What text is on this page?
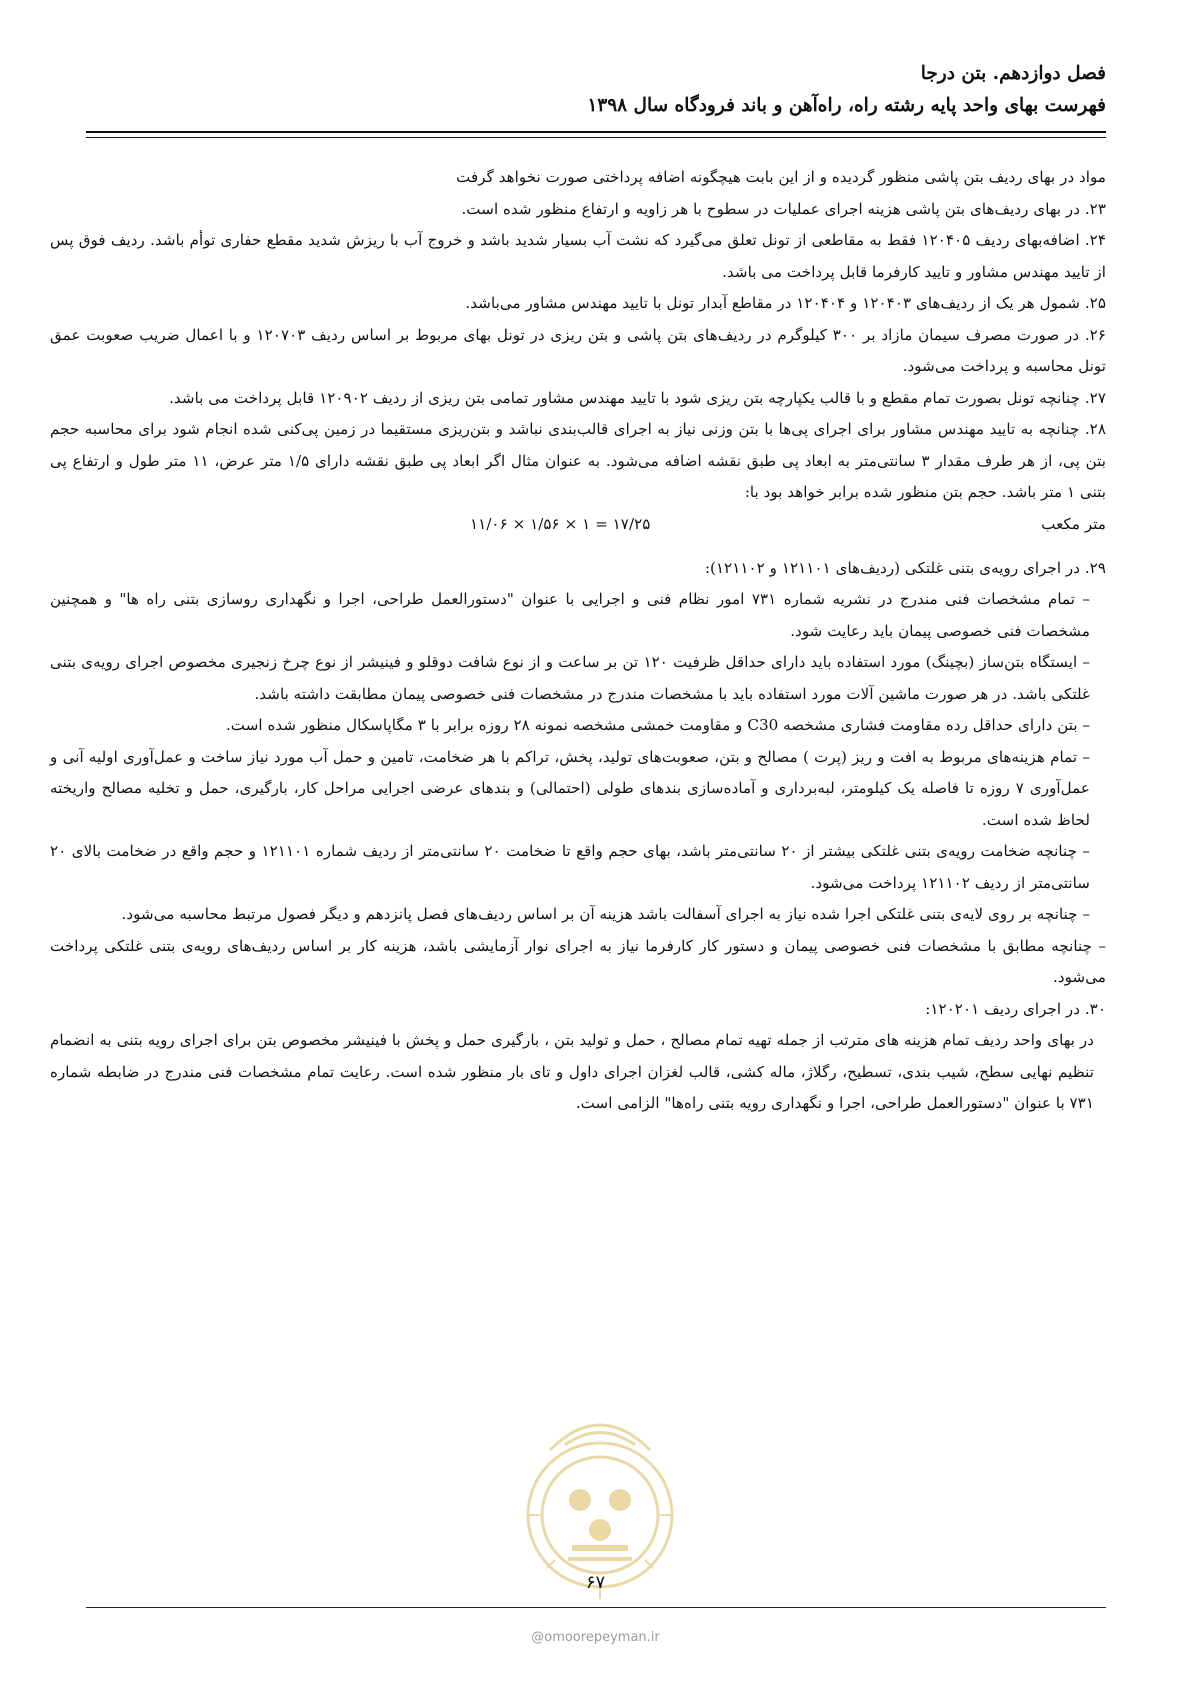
فصل دوازدهم. بتن درجا
فهرست بهای واحد پایه رشته راه، راه‌آهن و باند فرودگاه سال ۱۳۹۸

مواد در بهای ردیف بتن پاشی منظور گردیده و از این بابت هیچگونه اضافه پرداختی صورت نخواهد گرفت

۲۳. در بهای ردیف‌های بتن پاشی هزینه اجرای عملیات در سطوح با هر زاویه و ارتفاع منظور شده است.

۲۴. اضافه‌بهای ردیف ۱۲۰۴۰۵ فقط به مقاطعی از تونل تعلق می‌گیرد که نشت آب بسیار شدید باشد و خروج آب با ریزش شدید مقطع حفاری توأم باشد. ردیف فوق پس از تایید مهندس مشاور و تایید کارفرما قابل پرداخت می باشد.

۲۵. شمول هر یک از ردیف‌های ۱۲۰۴۰۳ و ۱۲۰۴۰۴ در مقاطع آبدار تونل با تایید مهندس مشاور می‌باشد.

۲۶. در صورت مصرف سیمان مازاد بر ۳۰۰ کیلوگرم در ردیف‌های بتن پاشی و بتن ریزی در تونل بهای مربوط بر اساس ردیف ۱۲۰۷۰۳ و با اعمال ضریب صعوبت عمق تونل محاسبه و پرداخت می‌شود.

۲۷. چنانچه تونل بصورت تمام مقطع و با قالب یکپارچه بتن ریزی شود با تایید مهندس مشاور تمامی بتن ریزی از ردیف ۱۲۰۹۰۲ قابل پرداخت می باشد.

۲۸. چنانچه به تایید مهندس مشاور برای اجرای پی‌ها با بتن وزنی نیاز به اجرای قالب‌بندی نباشد و بتن‌ریزی مستقیما در زمین پی‌کنی شده انجام شود برای محاسبه حجم بتن پی، از هر طرف مقدار ۳ سانتی‌متر به ابعاد پی طبق نقشه اضافه می‌شود. به عنوان مثال اگر ابعاد پی طبق نقشه دارای ۱/۵ متر عرض، ۱۱ متر طول و ارتفاع پی بتنی ۱ متر باشد. حجم بتن منظور شده برابر خواهد بود با:

متر مکعب
۱۱/۰۶ × ۱/۵۶ × ۱ = ۱۷/۲۵

۲۹. در اجرای رویه‌ی بتنی غلتکی (ردیف‌های ۱۲۱۱۰۱ و ۱۲۱۱۰۲):

– تمام مشخصات فنی مندرج در نشریه شماره ۷۳۱ امور نظام فنی و اجرایی با عنوان "دستورالعمل طراحی، اجرا و نگهداری روسازی بتنی راه ها" و همچنین مشخصات فنی خصوصی پیمان باید رعایت شود.
– ایستگاه بتن‌ساز (بچینگ) مورد استفاده باید دارای حداقل ظرفیت ۱۲۰ تن بر ساعت و از نوع شافت دوقلو و فینیشر از نوع چرخ زنجیری مخصوص اجرای رویه‌ی بتنی غلتکی باشد. در هر صورت ماشین آلات مورد استفاده باید با مشخصات مندرج در مشخصات فنی خصوصی پیمان مطابقت داشته باشد.
– بتن دارای حداقل رده مقاومت فشاری مشخصه C30 و مقاومت خمشی مشخصه نمونه ۲۸ روزه برابر با ۳ مگاپاسکال منظور شده است.
– تمام هزینه‌های مربوط به افت و ریز (پرت ) مصالح و بتن، صعوبت‌های تولید، پخش، تراکم با هر ضخامت، تامین و حمل آب مورد نیاز ساخت و عمل‌آوری اولیه آنی و عمل‌آوری ۷ روزه تا فاصله یک کیلومتر، لبه‌برداری و آماده‌سازی بندهای طولی (احتمالی) و بندهای عرضی اجرایی مراحل کار، بارگیری، حمل و تخلیه مصالح واریخته لحاظ شده است.
– چنانچه ضخامت رویه‌ی بتنی غلتکی بیشتر از ۲۰ سانتی‌متر باشد، بهای حجم واقع تا ضخامت ۲۰ سانتی‌متر از ردیف شماره ۱۲۱۱۰۱ و حجم واقع در ضخامت بالای ۲۰ سانتی‌متر از ردیف ۱۲۱۱۰۲ پرداخت می‌شود.
– چنانچه بر روی لایه‌ی بتنی غلتکی اجرا شده نیاز به اجرای آسفالت باشد هزینه آن بر اساس ردیف‌های فصل پانزدهم و دیگر فصول مرتبط محاسبه می‌شود.

– چنانچه مطابق با مشخصات فنی خصوصی پیمان و دستور کار کارفرما نیاز به اجرای نوار آزمایشی باشد، هزینه کار بر اساس ردیف‌های رویه‌ی بتنی غلتکی پرداخت می‌شود.

۳۰. در اجرای ردیف ۱۲۰۲۰۱:

در بهای واحد ردیف تمام هزینه های مترتب از جمله تهیه تمام مصالح ، حمل و تولید بتن ، بارگیری حمل و پخش با فینیشر مخصوص بتن برای اجرای رویه بتنی به انضمام تنظیم نهایی سطح، شیب بندی، تسطیح، رگلاژ، ماله کشی، قالب لغزان اجرای داول و تای بار منظور شده است. رعایت تمام مشخصات فنی مندرج در ضابطه شماره ۷۳۱ با عنوان "دستورالعمل طراحی، اجرا و نگهداری رویه بتنی راه‌ها" الزامی است.

۶۷
@omoorepeyman.ir
